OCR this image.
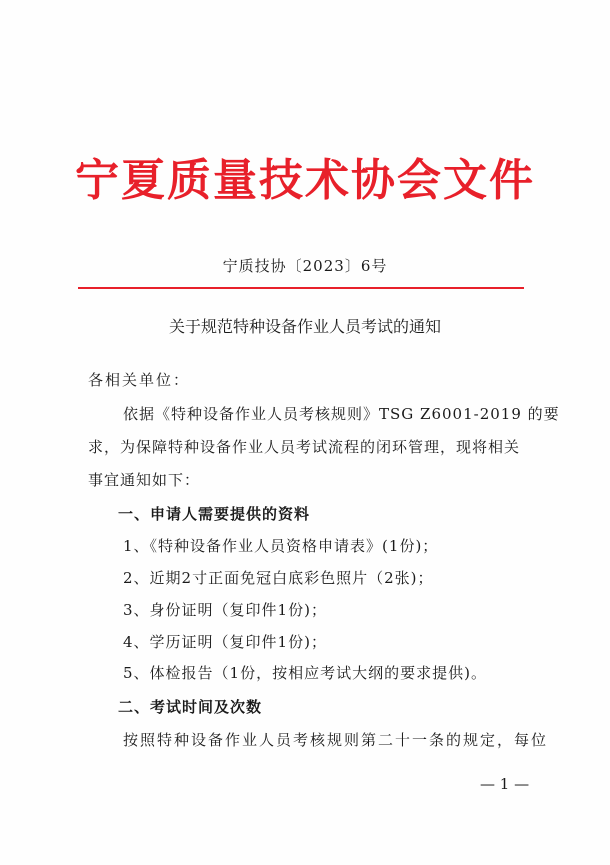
宁夏质量技术协会文件
宁质技协〔2023〕6号
关于规范特种设备作业人员考试的通知
各相关单位：
依据《特种设备作业人员考核规则》TSG Z6001-2019 的要
求，为保障特种设备作业人员考试流程的闭环管理，现将相关
事宜通知如下：
一、申请人需要提供的资料
1、《特种设备作业人员资格申请表》(1份)；
2、近期2寸正面免冠白底彩色照片（2张)；
3、身份证明（复印件1份)；
4、学历证明（复印件1份)；
5、体检报告（1份，按相应考试大纲的要求提供)。
二、考试时间及次数
按照特种设备作业人员考核规则第二十一条的规定，每位
— 1 —
